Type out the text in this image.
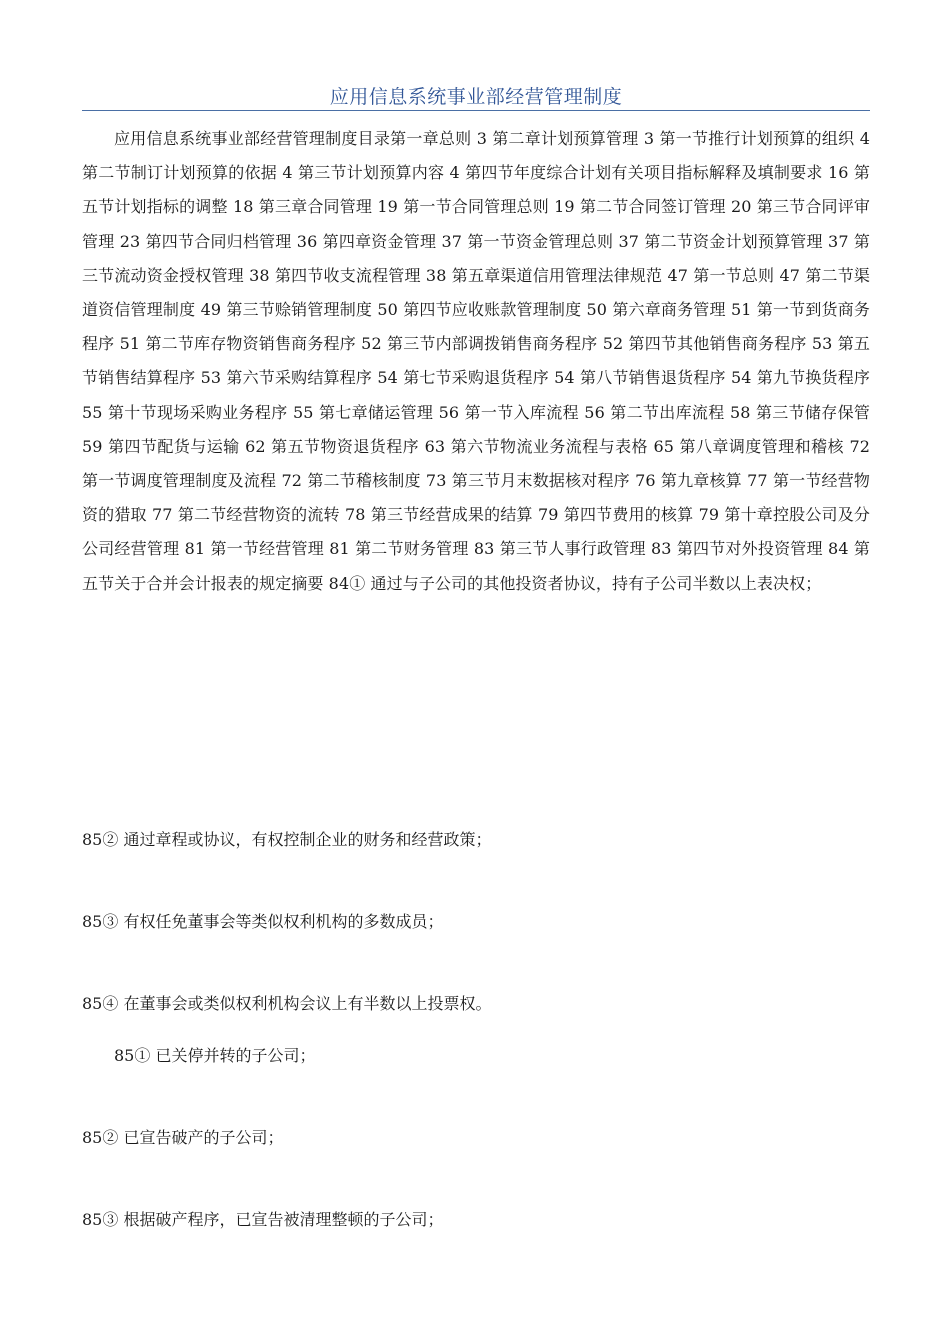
应用信息系统事业部经营管理制度

应用信息系统事业部经营管理制度目录第一章总则 3 第二章计划预算管理 3 第一节推行计划预算的组织 4 第二节制订计划预算的依据 4 第三节计划预算内容 4 第四节年度综合计划有关项目指标解释及填制要求 16 第五节计划指标的调整 18 第三章合同管理 19 第一节合同管理总则 19 第二节合同签订管理 20 第三节合同评审管理 23 第四节合同归档管理 36 第四章资金管理 37 第一节资金管理总则 37 第二节资金计划预算管理 37 第三节流动资金授权管理 38 第四节收支流程管理 38 第五章渠道信用管理法律规范 47 第一节总则 47 第二节渠道资信管理制度 49 第三节赊销管理制度 50 第四节应收账款管理制度 50 第六章商务管理 51 第一节到货商务程序 51 第二节库存物资销售商务程序 52 第三节内部调拨销售商务程序 52 第四节其他销售商务程序 53 第五节销售结算程序 53 第六节采购结算程序 54 第七节采购退货程序 54 第八节销售退货程序 54 第九节换货程序 55 第十节现场采购业务程序 55 第七章储运管理 56 第一节入库流程 56 第二节出库流程 58 第三节储存保管 59 第四节配货与运输 62 第五节物资退货程序 63 第六节物流业务流程与表格 65 第八章调度管理和稽核 72 第一节调度管理制度及流程 72 第二节稽核制度 73 第三节月末数据核对程序 76 第九章核算 77 第一节经营物资的猎取 77 第二节经营物资的流转 78 第三节经营成果的结算 79 第四节费用的核算 79 第十章控股公司及分公司经营管理 81 第一节经营管理 81 第二节财务管理 83 第三节人事行政管理 83 第四节对外投资管理 84 第五节关于合并会计报表的规定摘要 84① 通过与子公司的其他投资者协议，持有子公司半数以上表决权；

85② 通过章程或协议，有权控制企业的财务和经营政策；

85③ 有权任免董事会等类似权利机构的多数成员；

85④ 在董事会或类似权利机构会议上有半数以上投票权。

85① 已关停并转的子公司；

85② 已宣告破产的子公司；

85③ 根据破产程序，已宣告被清理整顿的子公司；
